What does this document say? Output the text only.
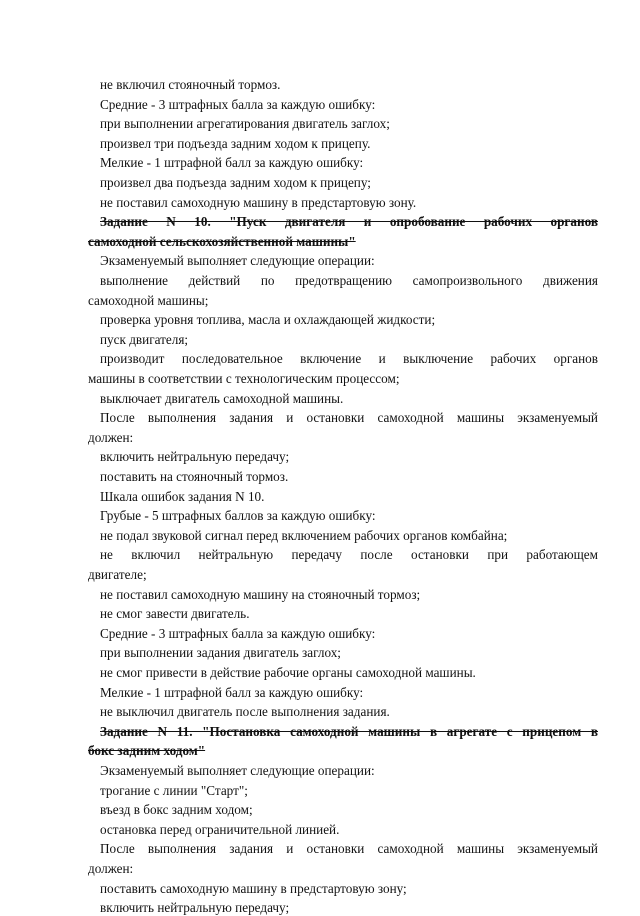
не включил стояночный тормоз.
Средние - 3 штрафных балла за каждую ошибку:
при выполнении агрегатирования двигатель заглох;
произвел три подъезда задним ходом к прицепу.
Мелкие - 1 штрафной балл за каждую ошибку:
произвел два подъезда задним ходом к прицепу;
не поставил самоходную машину в предстартовую зону.
Задание N 10. "Пуск двигателя и опробование рабочих органов
самоходной сельскохозяйственной машины"
Экзаменуемый выполняет следующие операции:
выполнение действий по предотвращению самопроизвольного движения
самоходной машины;
проверка уровня топлива, масла и охлаждающей жидкости;
пуск двигателя;
производит последовательное включение и выключение рабочих органов
машины в соответствии с технологическим процессом;
выключает двигатель самоходной машины.
После выполнения задания и остановки самоходной машины экзаменуемый
должен:
включить нейтральную передачу;
поставить на стояночный тормоз.
Шкала ошибок задания N 10.
Грубые - 5 штрафных баллов за каждую ошибку:
не подал звуковой сигнал перед включением рабочих органов комбайна;
не включил нейтральную передачу после остановки при работающем
двигателе;
не поставил самоходную машину на стояночный тормоз;
не смог завести двигатель.
Средние - 3 штрафных балла за каждую ошибку:
при выполнении задания двигатель заглох;
не смог привести в действие рабочие органы самоходной машины.
Мелкие - 1 штрафной балл за каждую ошибку:
не выключил двигатель после выполнения задания.
Задание N 11. "Постановка самоходной машины в агрегате с прицепом в
бокс задним ходом"
Экзаменуемый выполняет следующие операции:
трогание с линии "Старт";
въезд в бокс задним ходом;
остановка перед ограничительной линией.
После выполнения задания и остановки самоходной машины экзаменуемый
должен:
поставить самоходную машину в предстартовую зону;
включить нейтральную передачу;
